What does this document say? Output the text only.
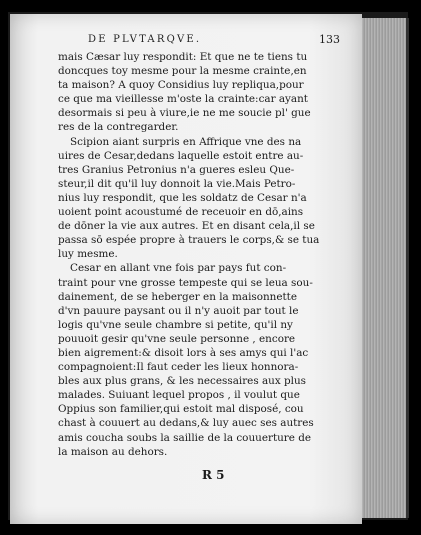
DE PLVTARQVE.	133
mais Cæsar luy respondit: Et que ne te tiens tu
doncques toy mesme pour la mesme crainte,en
ta maison? A quoy Considius luy repliqua,pour
ce que ma vieillesse m'oste la crainte:car ayant
desormais si peu à viure,ie ne me soucie pl' gue
res de la contregarder.
Scipion aiant surpris en Affrique vne des na
uires de Cesar,dedans laquelle estoit entre au-
tres Granius Petronius n'a gueres esleu Que-
steur,il dit qu'il luy donnoit la vie.Mais Petro-
nius luy respondit, que les soldatz de Cesar n'a
uoient point acoustumé de receuoir en dō,ains
de dōner la vie aux autres. Et en disant cela,il se
passa sō espée propre à trauers le corps,& se tua
luy mesme.
Cesar en allant vne fois par pays fut con-
traint pour vne grosse tempeste qui se leua sou-
dainement, de se heberger en la maisonnette
d'vn pauure paysant ou il n'y auoit par tout le
logis qu'vne seule chambre si petite, qu'il ny
pouuoit gesir qu'vne seule personne , encore
bien aigrement:& disoit lors à ses amys qui l'ac
compagnoient:Il faut ceder les lieux honnora-
bles aux plus grans, & les necessaires aux plus
malades. Suiuant lequel propos , il voulut que
Oppius son familier,qui estoit mal disposé, cou
chast à couuert au dedans,& luy auec ses autres
amis coucha soubs la saillie de la couuerture de
la maison au dehors.
R 5
